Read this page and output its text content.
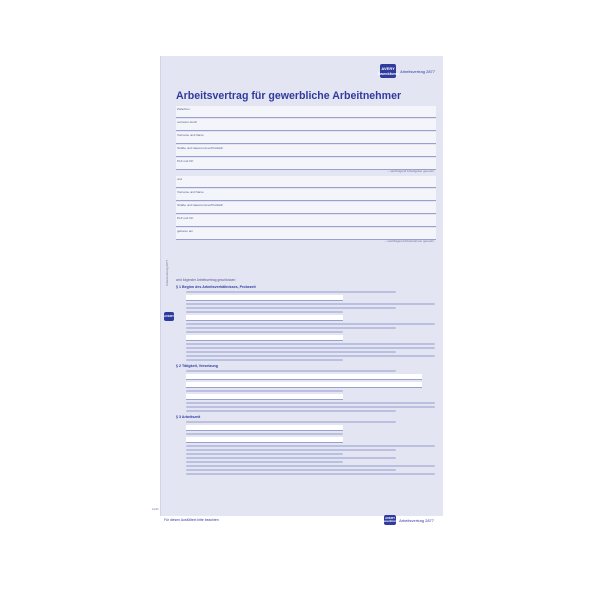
AVERY
Zweckform Arbeitsvertrag 2877
Arbeitsvertrag für gewerbliche Arbeitnehmer
Zwischen
vertreten durch
Vorname und Name
Straße und Hausnummer/Postfach
PLZ und Ort
– nachfolgend Arbeitgeber genannt
und
Vorname und Name
Straße und Hausnummer/Postfach
PLZ und Ort
geboren am
– nachfolgend Arbeitnehmer genannt
Arbeitsvertrag 2877
AVERY
wird folgender Arbeitsvertrag geschlossen:
§ 1 Beginn des Arbeitsverhältnisses, Probezeit
§ 2 Tätigkeit, Versetzung
§ 3 Arbeitszeit
1a/13
Für diesen Ausfülltext bitte beachten	AVERY
Zweckform Arbeitsvertrag 2877
